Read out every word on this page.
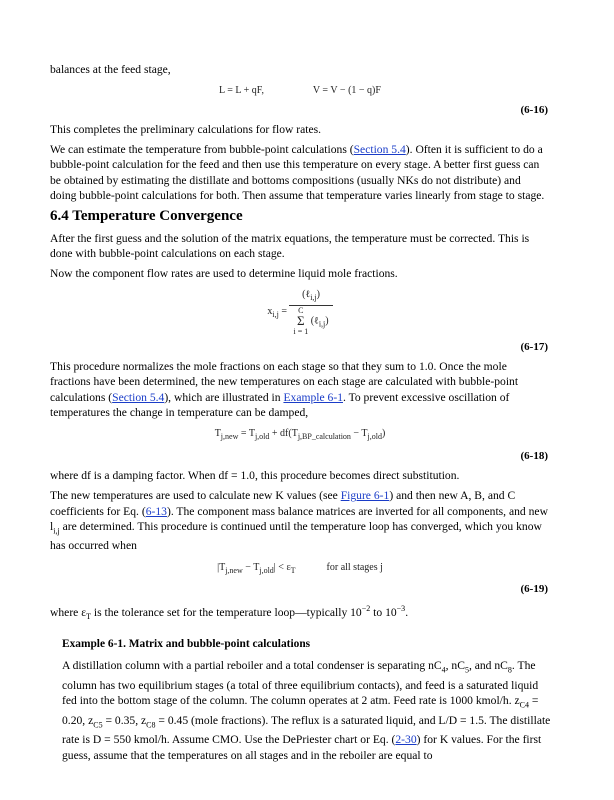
balances at the feed stage,

L = L + qF,	V = V − (1 − q)F
(6-16)

This completes the preliminary calculations for flow rates.

We can estimate the temperature from bubble-point calculations (Section 5.4). Often it is sufficient to do a bubble-point calculation for the feed and then use this temperature on every stage. A better first guess can be obtained by estimating the distillate and bottoms compositions (usually NKs do not distribute) and doing bubble-point calculations for both. Then assume that temperature varies linearly from stage to stage.

6.4 Temperature Convergence

After the first guess and the solution of the matrix equations, the temperature must be corrected. This is done with bubble-point calculations on each stage.

Now the component flow rates are used to determine liquid mole fractions.

$x_{i,j}$ = (ℓ$_{i,j}$)
C
Σ
i = 1
(ℓ$_{i,j}$)
(6-17)

This procedure normalizes the mole fractions on each stage so that they sum to 1.0. Once the mole fractions have been determined, the new temperatures on each stage are calculated with bubble-point calculations (Section 5.4), which are illustrated in Example 6-1. To prevent excessive oscillation of temperatures the change in temperature can be damped,

$T_{j,new} = T_{j,old} + df(T_{j,BP\_calculation} - T_{j,old})$
(6-18)

where df is a damping factor. When df = 1.0, this procedure becomes direct substitution.

The new temperatures are used to calculate new K values (see Figure 6-1) and then new A, B, and C coefficients for Eq. (6-13). The component mass balance matrices are inverted for all components, and new $l_{i,j}$ are determined. This procedure is continued until the temperature loop has converged, which you know has occurred when

$|T_{j,new} - T_{j,old}| < \varepsilon_T$	for all stages j
(6-19)

where $\varepsilon_T$ is the tolerance set for the temperature loop—typically $10^{-2}$ to $10^{-3}$.

Example 6-1. Matrix and bubble-point calculations

A distillation column with a partial reboiler and a total condenser is separating $nC_4$, $nC_5$, and $nC_8$. The column has two equilibrium stages (a total of three equilibrium contacts), and feed is a saturated liquid fed into the bottom stage of the column. The column operates at 2 atm. Feed rate is 1000 kmol/h. $z_{C4} = 0.20$, $z_{C5} = 0.35$, $z_{C8} = 0.45$ (mole fractions). The reflux is a saturated liquid, and L/D = 1.5. The distillate rate is D = 550 kmol/h. Assume CMO. Use the DePriester chart or Eq. (2-30) for K values. For the first guess, assume that the temperatures on all stages and in the reboiler are equal to
